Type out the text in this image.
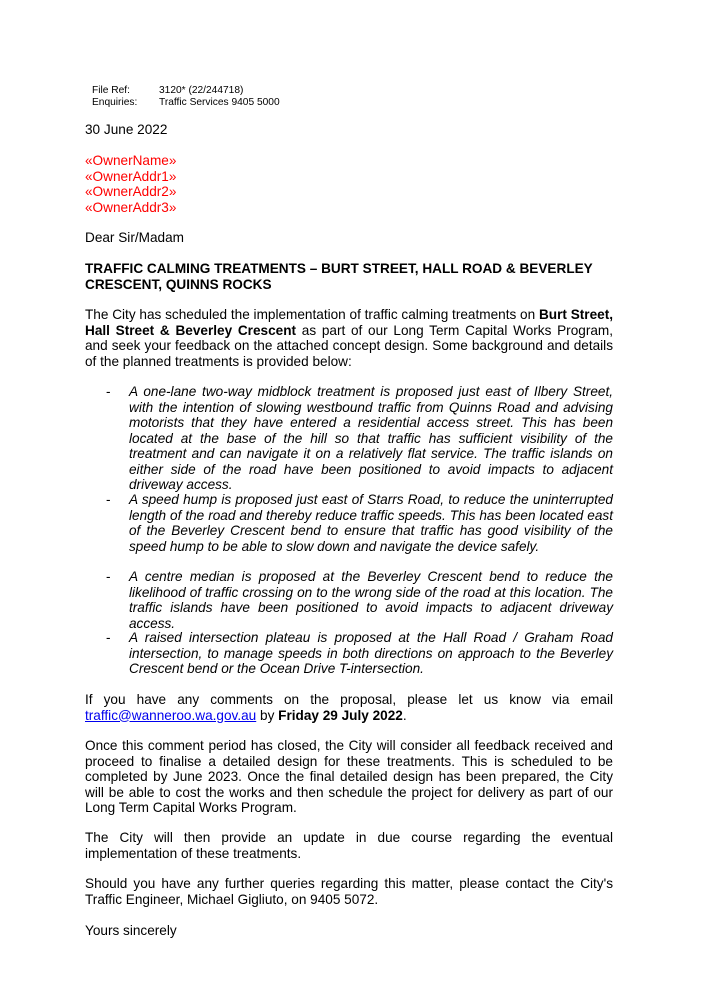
File Ref:	3120* (22/244718)
Enquiries:	Traffic Services 9405 5000
30 June 2022
«OwnerName»
«OwnerAddr1»
«OwnerAddr2»
«OwnerAddr3»
Dear Sir/Madam
TRAFFIC CALMING TREATMENTS – BURT STREET, HALL ROAD & BEVERLEY CRESCENT, QUINNS ROCKS
The City has scheduled the implementation of traffic calming treatments on Burt Street, Hall Street & Beverley Crescent as part of our Long Term Capital Works Program, and seek your feedback on the attached concept design. Some background and details of the planned treatments is provided below:
-	A one-lane two-way midblock treatment is proposed just east of Ilbery Street, with the intention of slowing westbound traffic from Quinns Road and advising motorists that they have entered a residential access street. This has been located at the base of the hill so that traffic has sufficient visibility of the treatment and can navigate it on a relatively flat service. The traffic islands on either side of the road have been positioned to avoid impacts to adjacent driveway access.
-	A speed hump is proposed just east of Starrs Road, to reduce the uninterrupted length of the road and thereby reduce traffic speeds. This has been located east of the Beverley Crescent bend to ensure that traffic has good visibility of the speed hump to be able to slow down and navigate the device safely.
-	A centre median is proposed at the Beverley Crescent bend to reduce the likelihood of traffic crossing on to the wrong side of the road at this location. The traffic islands have been positioned to avoid impacts to adjacent driveway access.
-	A raised intersection plateau is proposed at the Hall Road / Graham Road intersection, to manage speeds in both directions on approach to the Beverley Crescent bend or the Ocean Drive T-intersection.
If you have any comments on the proposal, please let us know via email traffic@wanneroo.wa.gov.au by Friday 29 July 2022.
Once this comment period has closed, the City will consider all feedback received and proceed to finalise a detailed design for these treatments. This is scheduled to be completed by June 2023. Once the final detailed design has been prepared, the City will be able to cost the works and then schedule the project for delivery as part of our Long Term Capital Works Program.
The City will then provide an update in due course regarding the eventual implementation of these treatments.
Should you have any further queries regarding this matter, please contact the City's Traffic Engineer, Michael Gigliuto, on 9405 5072.
Yours sincerely
